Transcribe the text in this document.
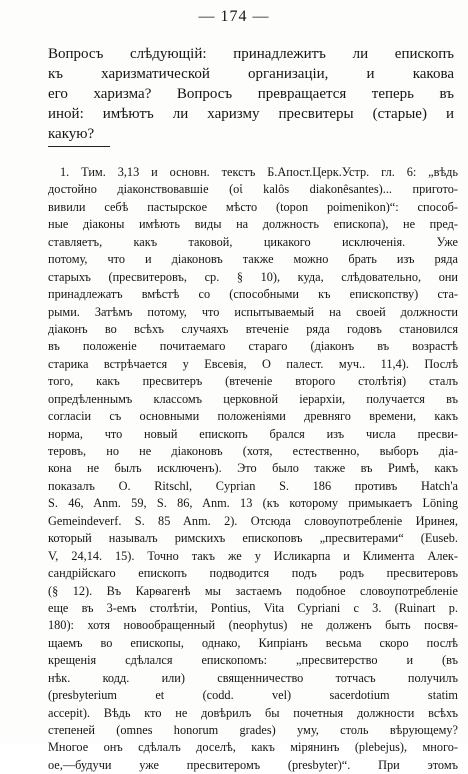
— 174 —
Вопросъ слѣдующій: принадлежитъ ли епископъ
къ харизматической организаціи, и какова
его харизма? Вопросъ превращается теперь въ
иной: имѣютъ ли харизму пресвитеры (старые) и
какую?
1. Тим. 3,13 и основн. текстъ Б.Апост.Церк.Устр. гл. 6: „вѣдь
достойно діаконствовавшіе (οἱ kalôs diakonêsantes)... пригото-
вивили себѣ пастырское мѣсто (topon poimenikon)“: способ-
ные діаконы имѣють виды на должность епископа), не пред-
ставляетъ, какъ таковой, цикакого исключенія. Уже
потому, что и діаконовъ также можно брать изъ ряда
старыхъ (пресвитеровъ, ср. § 10), куда, слѣдовательно, они
принадлежатъ вмѣстѣ со (способными къ епископству) ста-
рыми. Затѣмъ потому, что испытываемый на своей должности
діаконъ во всѣхъ случаяхъ втеченіе ряда годовъ становился
въ положеніе почитаемаго стараго (діаконъ въ возрастѣ
старика встрѣчается у Евсевія, О палест. муч.. 11,4). Послѣ
того, какъ пресвитеръ (втеченіе второго столѣтія) сталъ
опредѣленнымъ классомъ церковной іерархіи, получается въ
согласіи съ основными положеніями древняго времени, какъ
норма, что новый епископъ брался изъ числа пресви-
теровъ, но не діаконовъ (хотя, естественно, выборъ діа-
кона не былъ исключенъ). Это было также въ Римѣ, какъ
показалъ О. Ritschl, Cyprian S. 186 противъ Hatch'a
S. 46, Anm. 59, S. 86, Anm. 13 (къ которому примыкаетъ Löning
Gemeindeverf. S. 85 Anm. 2). Отсюда словоупотребленіе Иринея,
который называлъ римскихъ епископовъ „пресвитерами“ (Eusеb.
V, 24,14. 15). Точно такъ же у Исликарпа и Климента Алек-
сандрійскаго епископъ подводится подъ родъ пресвитеровъ
(§ 12). Въ Карѳагенѣ мы застаемъ подобное словоупотребленіе
еще въ 3-емъ столѣтіи, Pontius, Vita Cypriani c 3. (Ruinart p.
180): хотя новообращенный (neophytus) не долженъ быть посвя-
щаемъ во епископы, однако, Кипріанъ весьма скоро послѣ
крещенія сдѣлался епископомъ: „пресвитерство и (въ
нѣк. кодд. или) священничество тотчасъ получилъ
(presbyterium et (codd. vel) sacerdotium statim
accepit). Вѣдь кто не довѣрилъ бы почетныя должности всѣхъ
степеней (omnes honorum grades) уму, столь вѣрующему?
Многое онъ сдѣлалъ доселѣ, какъ мірянинъ (plebejus), много-
ое,—будучи уже пресвитеромъ (presbyter)“. При этомъ
